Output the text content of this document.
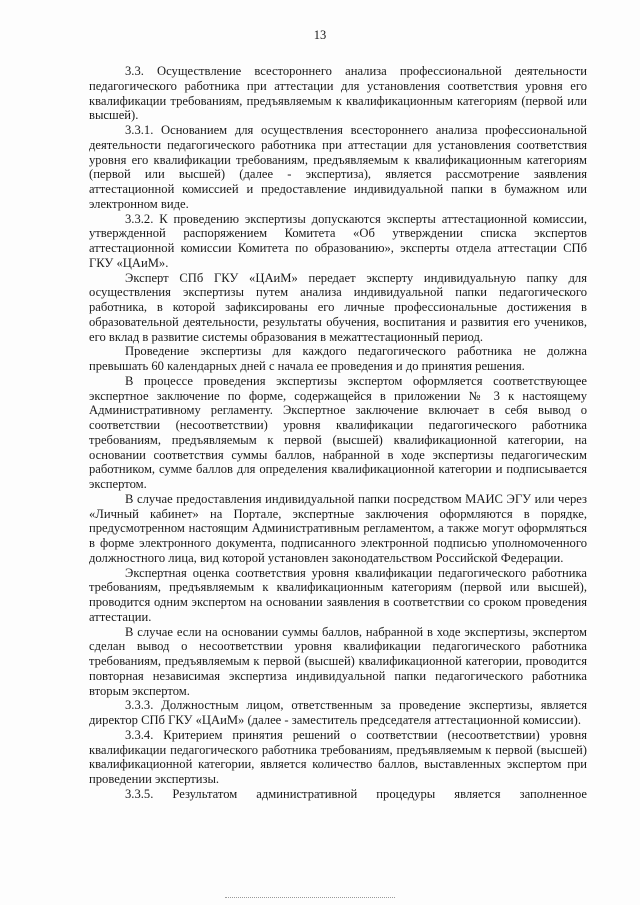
13

3.3. Осуществление всестороннего анализа профессиональной деятельности педагогического работника при аттестации для установления соответствия уровня его квалификации требованиям, предъявляемым к квалификационным категориям (первой или высшей).

3.3.1. Основанием для осуществления всестороннего анализа профессиональной деятельности педагогического работника при аттестации для установления соответствия уровня его квалификации требованиям, предъявляемым к квалификационным категориям (первой или высшей) (далее - экспертиза), является рассмотрение заявления аттестационной комиссией и предоставление индивидуальной папки в бумажном или электронном виде.

3.3.2. К проведению экспертизы допускаются эксперты аттестационной комиссии, утвержденной распоряжением Комитета «Об утверждении списка экспертов аттестационной комиссии Комитета по образованию», эксперты отдела аттестации СПб ГКУ «ЦАиМ».

Эксперт СПб ГКУ «ЦАиМ» передает эксперту индивидуальную папку для осуществления экспертизы путем анализа индивидуальной папки педагогического работника, в которой зафиксированы его личные профессиональные достижения в образовательной деятельности, результаты обучения, воспитания и развития его учеников, его вклад в развитие системы образования в межаттестационный период.

Проведение экспертизы для каждого педагогического работника не должна превышать 60 календарных дней с начала ее проведения и до принятия решения.

В процессе проведения экспертизы экспертом оформляется соответствующее экспертное заключение по форме, содержащейся в приложении № 3 к настоящему Административному регламенту. Экспертное заключение включает в себя вывод о соответствии (несоответствии) уровня квалификации педагогического работника требованиям, предъявляемым к первой (высшей) квалификационной категории, на основании соответствия суммы баллов, набранной в ходе экспертизы педагогическим работником, сумме баллов для определения квалификационной категории и подписывается экспертом.

В случае предоставления индивидуальной папки посредством МАИС ЭГУ или через «Личный кабинет» на Портале, экспертные заключения оформляются в порядке, предусмотренном настоящим Административным регламентом, а также могут оформляться в форме электронного документа, подписанного электронной подписью уполномоченного должностного лица, вид которой установлен законодательством Российской Федерации.

Экспертная оценка соответствия уровня квалификации педагогического работника требованиям, предъявляемым к квалификационным категориям (первой или высшей), проводится одним экспертом на основании заявления в соответствии со сроком проведения аттестации.

В случае если на основании суммы баллов, набранной в ходе экспертизы, экспертом сделан вывод о несоответствии уровня квалификации педагогического работника требованиям, предъявляемым к первой (высшей) квалификационной категории, проводится повторная независимая экспертиза индивидуальной папки педагогического работника вторым экспертом.

3.3.3. Должностным лицом, ответственным за проведение экспертизы, является директор СПб ГКУ «ЦАиМ» (далее - заместитель председателя аттестационной комиссии).

3.3.4. Критерием принятия решений о соответствии (несоответствии) уровня квалификации педагогического работника требованиям, предъявляемым к первой (высшей) квалификационной категории, является количество баллов, выставленных экспертом при проведении экспертизы.

3.3.5. Результатом административной процедуры является заполненное
